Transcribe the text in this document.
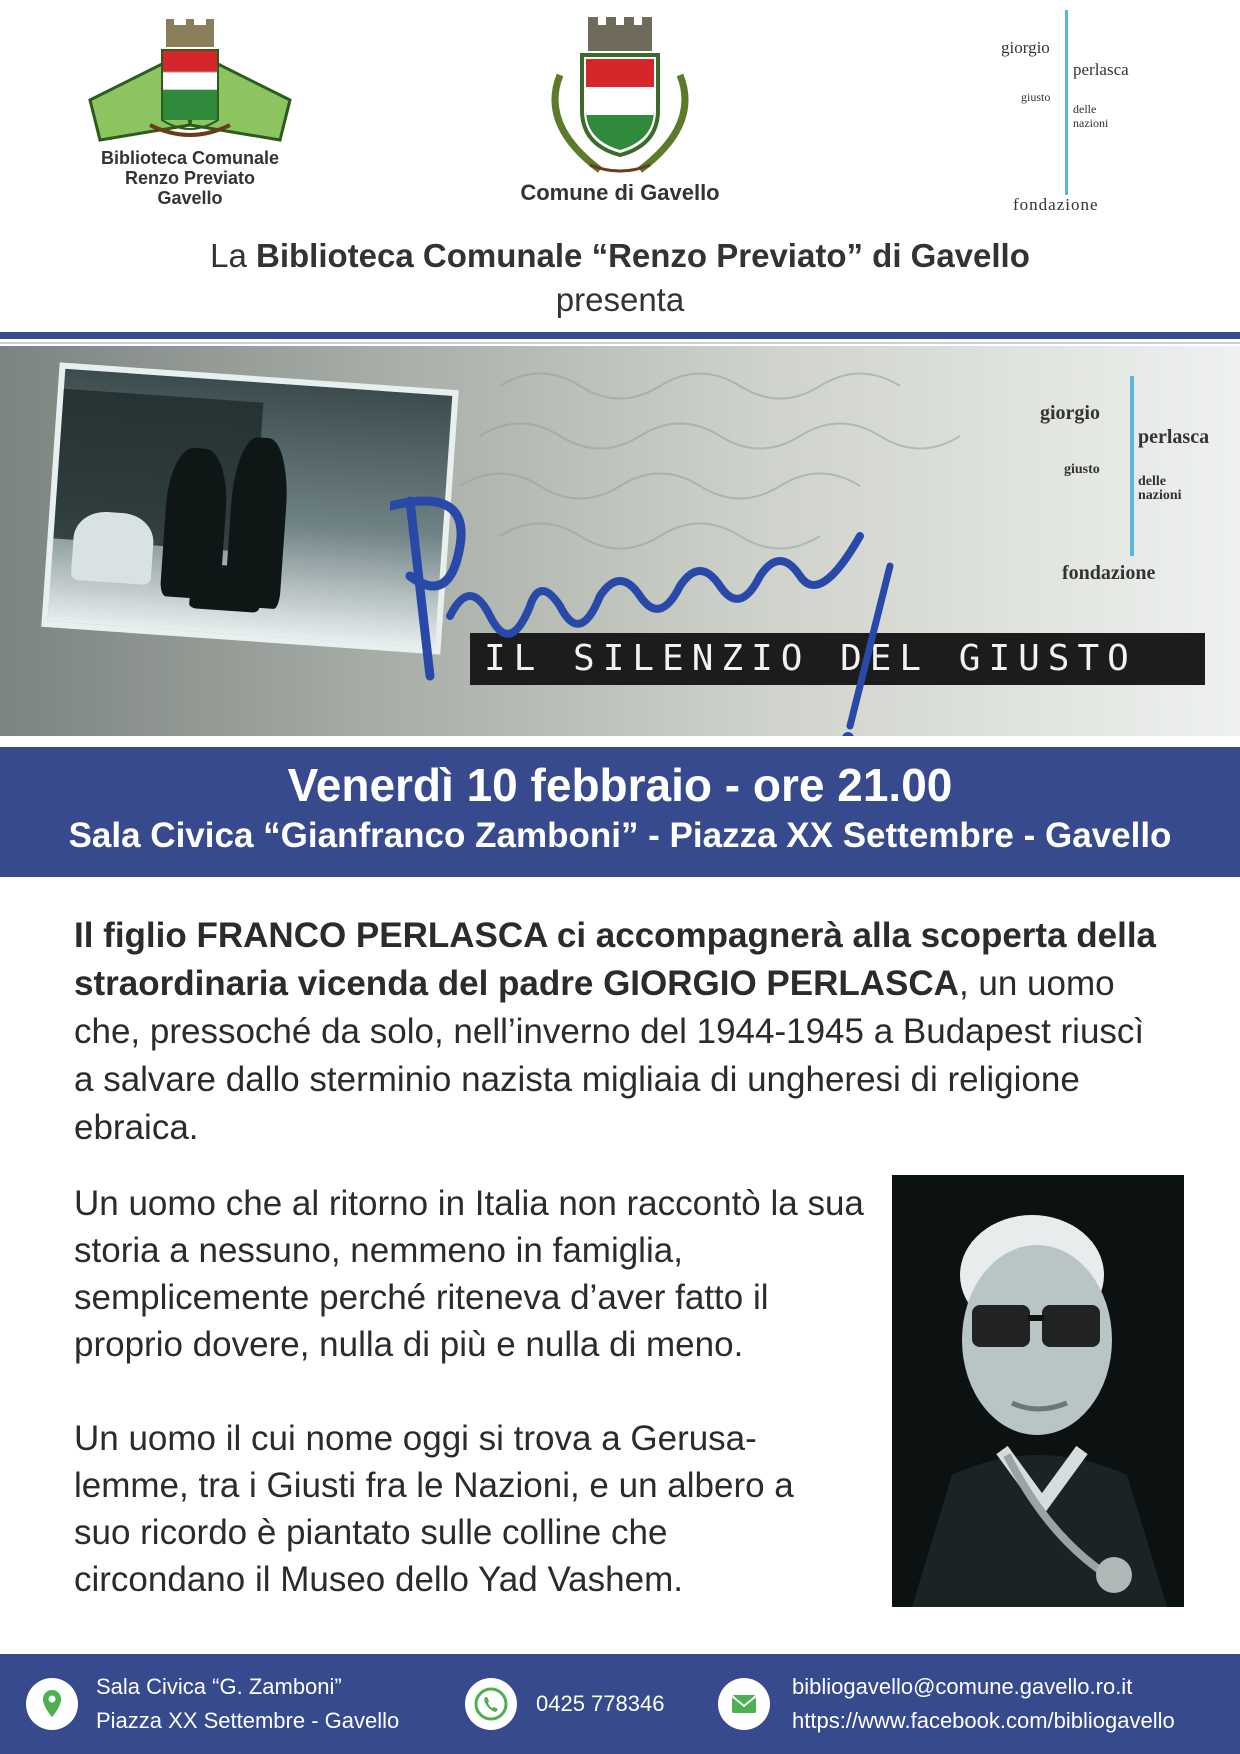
Biblioteca Comunale
Renzo Previato
Gavello	Comune di Gavello
giorgio
perlasca
giusto
delle
nazioni
fondazione
La Biblioteca Comunale “Renzo Previato” di Gavello
presenta
IL SILENZIO DEL GIUSTO
giorgio
perlasca
giusto
delle
nazioni
fondazione
Venerdì 10 febbraio - ore 21.00
Sala Civica “Gianfranco Zamboni” - Piazza XX Settembre - Gavello
Il figlio FRANCO PERLASCA ci accompagnerà alla scoperta della straordinaria vicenda del padre GIORGIO PERLASCA, un uomo che, pressoché da solo, nell’inverno del 1944-1945 a Budapest riuscì a salvare dallo sterminio nazista migliaia di ungheresi di religione ebraica.
Un uomo che al ritorno in Italia non raccontò la sua storia a nessuno, nemmeno in famiglia, semplicemente perché riteneva d’aver fatto il proprio dovere, nulla di più e nulla di meno.
Un uomo il cui nome oggi si trova a Gerusa-
lemme, tra i Giusti fra le Nazioni, e un albero a
suo ricordo è piantato sulle colline che
circondano il Museo dello Yad Vashem.
Sala Civica “G. Zamboni”
Piazza XX Settembre - Gavello
0425 778346
bibliogavello@comune.gavello.ro.it
https://www.facebook.com/bibliogavello
